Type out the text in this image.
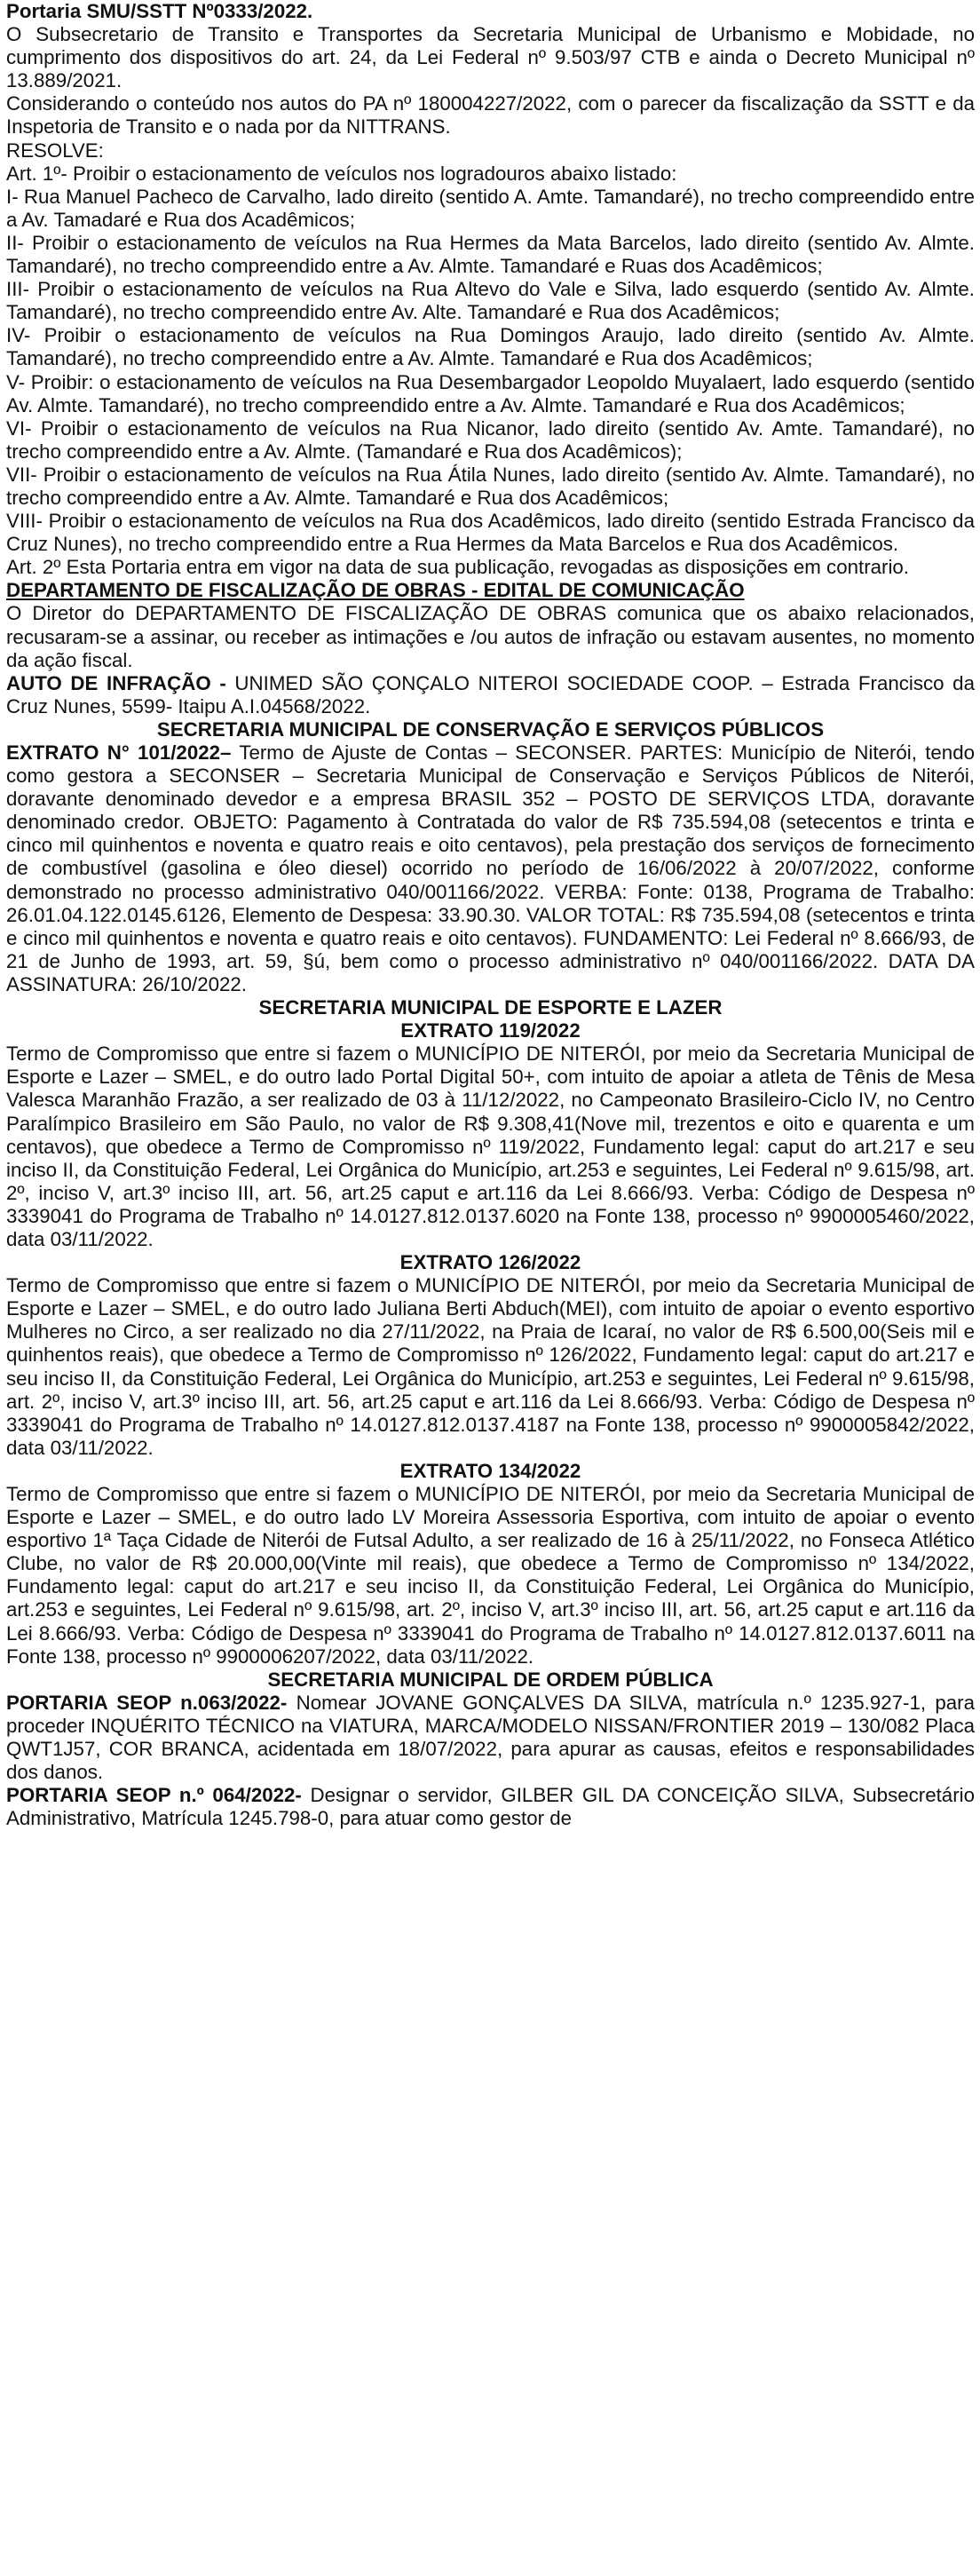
Portaria SMU/SSTT Nº0333/2022.
O Subsecretario de Transito e Transportes da Secretaria Municipal de Urbanismo e Mobidade, no cumprimento dos dispositivos do art. 24, da Lei Federal nº 9.503/97 CTB e ainda o Decreto Municipal nº 13.889/2021.
Considerando o conteúdo nos autos do PA nº 180004227/2022, com o parecer da fiscalização da SSTT e da Inspetoria de Transito e o nada por da NITTRANS.
RESOLVE:
Art. 1º- Proibir o estacionamento de veículos nos logradouros abaixo listado:
I- Rua Manuel Pacheco de Carvalho, lado direito (sentido A. Amte. Tamandaré), no trecho compreendido entre a Av. Tamadaré e Rua dos Acadêmicos;
II- Proibir o estacionamento de veículos na Rua Hermes da Mata Barcelos, lado direito (sentido Av. Almte. Tamandaré), no trecho compreendido entre a Av. Almte. Tamandaré e Ruas dos Acadêmicos;
III- Proibir o estacionamento de veículos na Rua Altevo do Vale e Silva, lado esquerdo (sentido Av. Almte. Tamandaré), no trecho compreendido entre Av. Alte. Tamandaré e Rua dos Acadêmicos;
IV- Proibir o estacionamento de veículos na Rua Domingos Araujo, lado direito (sentido Av. Almte. Tamandaré), no trecho compreendido entre a Av. Almte. Tamandaré e Rua dos Acadêmicos;
V- Proibir: o estacionamento de veículos na Rua Desembargador Leopoldo Muyalaert, lado esquerdo (sentido Av. Almte. Tamandaré), no trecho compreendido entre a Av. Almte. Tamandaré e Rua dos Acadêmicos;
VI- Proibir o estacionamento de veículos na Rua Nicanor, lado direito (sentido Av. Amte. Tamandaré), no trecho compreendido entre a Av. Almte. (Tamandaré e Rua dos Acadêmicos);
VII- Proibir o estacionamento de veículos na Rua Átila Nunes, lado direito (sentido Av. Almte. Tamandaré), no trecho compreendido entre a Av. Almte. Tamandaré e Rua dos Acadêmicos;
VIII- Proibir o estacionamento de veículos na Rua dos Acadêmicos, lado direito (sentido Estrada Francisco da Cruz Nunes), no trecho compreendido entre a Rua Hermes da Mata Barcelos e Rua dos Acadêmicos.
Art. 2º Esta Portaria entra em vigor na data de sua publicação, revogadas as disposições em contrario.
DEPARTAMENTO DE FISCALIZAÇÃO DE OBRAS - EDITAL DE COMUNICAÇÃO
O Diretor do DEPARTAMENTO DE FISCALIZAÇÃO DE OBRAS comunica que os abaixo relacionados, recusaram-se a assinar, ou receber as intimações e /ou autos de infração ou estavam ausentes, no momento da ação fiscal.
AUTO DE INFRAÇÃO - UNIMED SÃO ÇONÇALO NITEROI SOCIEDADE COOP. – Estrada Francisco da Cruz Nunes, 5599- Itaipu A.I.04568/2022.
SECRETARIA MUNICIPAL DE CONSERVAÇÃO E SERVIÇOS PÚBLICOS
EXTRATO N° 101/2022– Termo de Ajuste de Contas – SECONSER. PARTES: Município de Niterói, tendo como gestora a SECONSER – Secretaria Municipal de Conservação e Serviços Públicos de Niterói, doravante denominado devedor e a empresa BRASIL 352 – POSTO DE SERVIÇOS LTDA, doravante denominado credor. OBJETO: Pagamento à Contratada do valor de R$ 735.594,08 (setecentos e trinta e cinco mil quinhentos e noventa e quatro reais e oito centavos), pela prestação dos serviços de fornecimento de combustível (gasolina e óleo diesel) ocorrido no período de 16/06/2022 à 20/07/2022, conforme demonstrado no processo administrativo 040/001166/2022. VERBA: Fonte: 0138, Programa de Trabalho: 26.01.04.122.0145.6126, Elemento de Despesa: 33.90.30. VALOR TOTAL: R$ 735.594,08 (setecentos e trinta e cinco mil quinhentos e noventa e quatro reais e oito centavos). FUNDAMENTO: Lei Federal nº 8.666/93, de 21 de Junho de 1993, art. 59, §ú, bem como o processo administrativo nº 040/001166/2022. DATA DA ASSINATURA: 26/10/2022.
SECRETARIA MUNICIPAL DE ESPORTE E LAZER
EXTRATO 119/2022
Termo de Compromisso que entre si fazem o MUNICÍPIO DE NITERÓI, por meio da Secretaria Municipal de Esporte e Lazer – SMEL, e do outro lado Portal Digital 50+, com intuito de apoiar a atleta de Tênis de Mesa Valesca Maranhão Frazão, a ser realizado de 03 à 11/12/2022, no Campeonato Brasileiro-Ciclo IV, no Centro Paralímpico Brasileiro em São Paulo, no valor de R$ 9.308,41(Nove mil, trezentos e oito e quarenta e um centavos), que obedece a Termo de Compromisso nº 119/2022, Fundamento legal: caput do art.217 e seu inciso II, da Constituição Federal, Lei Orgânica do Município, art.253 e seguintes, Lei Federal nº 9.615/98, art. 2º, inciso V, art.3º inciso III, art. 56, art.25 caput e art.116 da Lei 8.666/93. Verba: Código de Despesa nº 3339041 do Programa de Trabalho nº 14.0127.812.0137.6020 na Fonte 138, processo nº 9900005460/2022, data 03/11/2022.
EXTRATO 126/2022
Termo de Compromisso que entre si fazem o MUNICÍPIO DE NITERÓI, por meio da Secretaria Municipal de Esporte e Lazer – SMEL, e do outro lado Juliana Berti Abduch(MEI), com intuito de apoiar o evento esportivo Mulheres no Circo, a ser realizado no dia 27/11/2022, na Praia de Icaraí, no valor de R$ 6.500,00(Seis mil e quinhentos reais), que obedece a Termo de Compromisso nº 126/2022, Fundamento legal: caput do art.217 e seu inciso II, da Constituição Federal, Lei Orgânica do Município, art.253 e seguintes, Lei Federal nº 9.615/98, art. 2º, inciso V, art.3º inciso III, art. 56, art.25 caput e art.116 da Lei 8.666/93. Verba: Código de Despesa nº 3339041 do Programa de Trabalho nº 14.0127.812.0137.4187 na Fonte 138, processo nº 9900005842/2022, data 03/11/2022.
EXTRATO 134/2022
Termo de Compromisso que entre si fazem o MUNICÍPIO DE NITERÓI, por meio da Secretaria Municipal de Esporte e Lazer – SMEL, e do outro lado LV Moreira Assessoria Esportiva, com intuito de apoiar o evento esportivo 1ª Taça Cidade de Niterói de Futsal Adulto, a ser realizado de 16 à 25/11/2022, no Fonseca Atlético Clube, no valor de R$ 20.000,00(Vinte mil reais), que obedece a Termo de Compromisso nº 134/2022, Fundamento legal: caput do art.217 e seu inciso II, da Constituição Federal, Lei Orgânica do Município, art.253 e seguintes, Lei Federal nº 9.615/98, art. 2º, inciso V, art.3º inciso III, art. 56, art.25 caput e art.116 da Lei 8.666/93. Verba: Código de Despesa nº 3339041 do Programa de Trabalho nº 14.0127.812.0137.6011 na Fonte 138, processo nº 9900006207/2022, data 03/11/2022.
SECRETARIA MUNICIPAL DE ORDEM PÚBLICA
PORTARIA SEOP n.063/2022- Nomear JOVANE GONÇALVES DA SILVA, matrícula n.º 1235.927-1, para proceder INQUÉRITO TÉCNICO na VIATURA, MARCA/MODELO NISSAN/FRONTIER 2019 – 130/082 Placa QWT1J57, COR BRANCA, acidentada em 18/07/2022, para apurar as causas, efeitos e responsabilidades dos danos.
PORTARIA SEOP n.º 064/2022- Designar o servidor, GILBER GIL DA CONCEIÇÃO SILVA, Subsecretário Administrativo, Matrícula 1245.798-0, para atuar como gestor de
